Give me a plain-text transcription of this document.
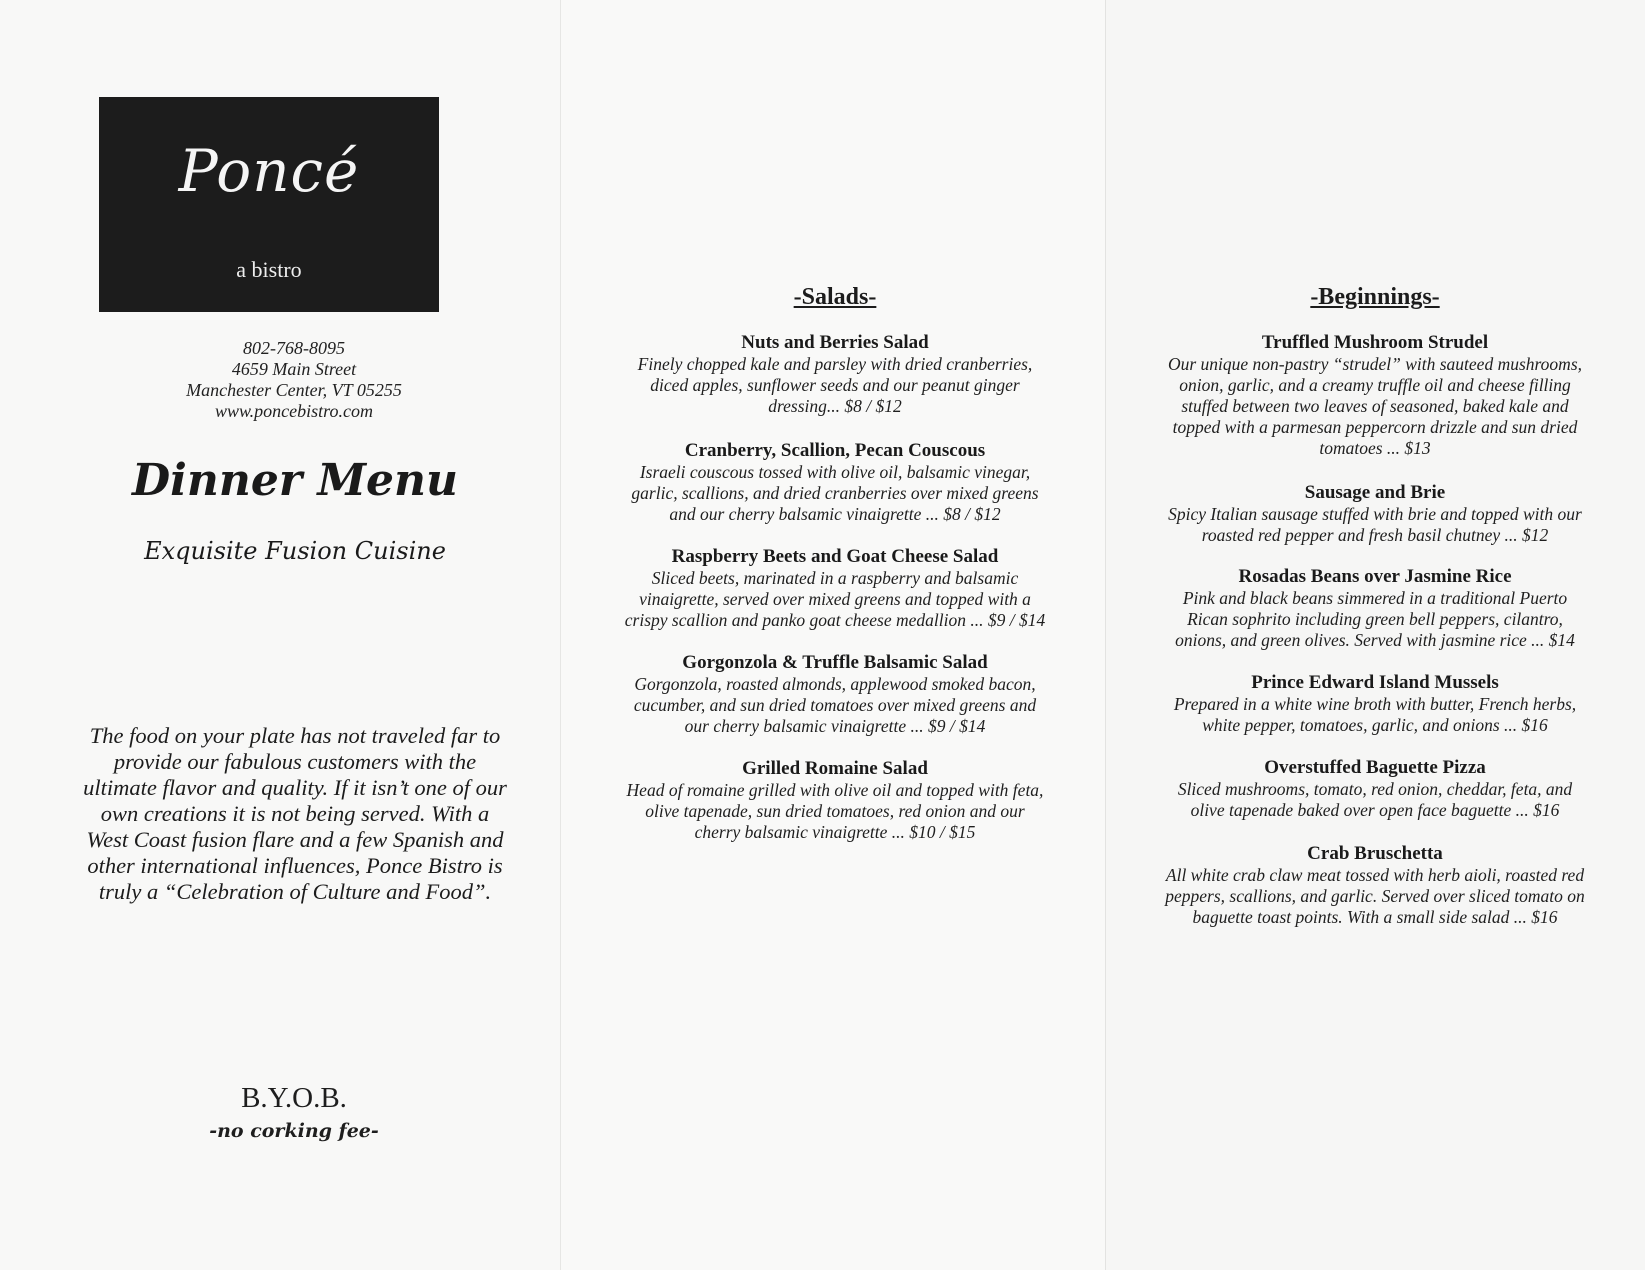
Poncé
a bistro
802-768-8095
4659 Main Street
Manchester Center, VT 05255
www.poncebistro.com
Dinner Menu
Exquisite Fusion Cuisine
The food on your plate has not traveled far to
provide our fabulous customers with the
ultimate flavor and quality. If it isn’t one of our
own creations it is not being served. With a
West Coast fusion flare and a few Spanish and
other international influences, Ponce Bistro is
truly a “Celebration of Culture and Food”.
B.Y.O.B.
-no corking fee-
-Salads-
Nuts and Berries Salad
Finely chopped kale and parsley with dried cranberries,
diced apples, sunflower seeds and our peanut ginger
dressing... $8 / $12
Cranberry, Scallion, Pecan Couscous
Israeli couscous tossed with olive oil, balsamic vinegar,
garlic, scallions, and dried cranberries over mixed greens
and our cherry balsamic vinaigrette ... $8 / $12
Raspberry Beets and Goat Cheese Salad
Sliced beets, marinated in a raspberry and balsamic
vinaigrette, served over mixed greens and topped with a
crispy scallion and panko goat cheese medallion ... $9 / $14
Gorgonzola & Truffle Balsamic Salad
Gorgonzola, roasted almonds, applewood smoked bacon,
cucumber, and sun dried tomatoes over mixed greens and
our cherry balsamic vinaigrette ... $9 / $14
Grilled Romaine Salad
Head of romaine grilled with olive oil and topped with feta,
olive tapenade, sun dried tomatoes, red onion and our
cherry balsamic vinaigrette ... $10 / $15
-Beginnings-
Truffled Mushroom Strudel
Our unique non-pastry “strudel” with sauteed mushrooms,
onion, garlic, and a creamy truffle oil and cheese filling
stuffed between two leaves of seasoned, baked kale and
topped with a parmesan peppercorn drizzle and sun dried
tomatoes ... $13
Sausage and Brie
Spicy Italian sausage stuffed with brie and topped with our
roasted red pepper and fresh basil chutney ... $12
Rosadas Beans over Jasmine Rice
Pink and black beans simmered in a traditional Puerto
Rican sophrito including green bell peppers, cilantro,
onions, and green olives. Served with jasmine rice ... $14
Prince Edward Island Mussels
Prepared in a white wine broth with butter, French herbs,
white pepper, tomatoes, garlic, and onions ... $16
Overstuffed Baguette Pizza
Sliced mushrooms, tomato, red onion, cheddar, feta, and
olive tapenade baked over open face baguette ... $16
Crab Bruschetta
All white crab claw meat tossed with herb aioli, roasted red
peppers, scallions, and garlic. Served over sliced tomato on
baguette toast points. With a small side salad ... $16
